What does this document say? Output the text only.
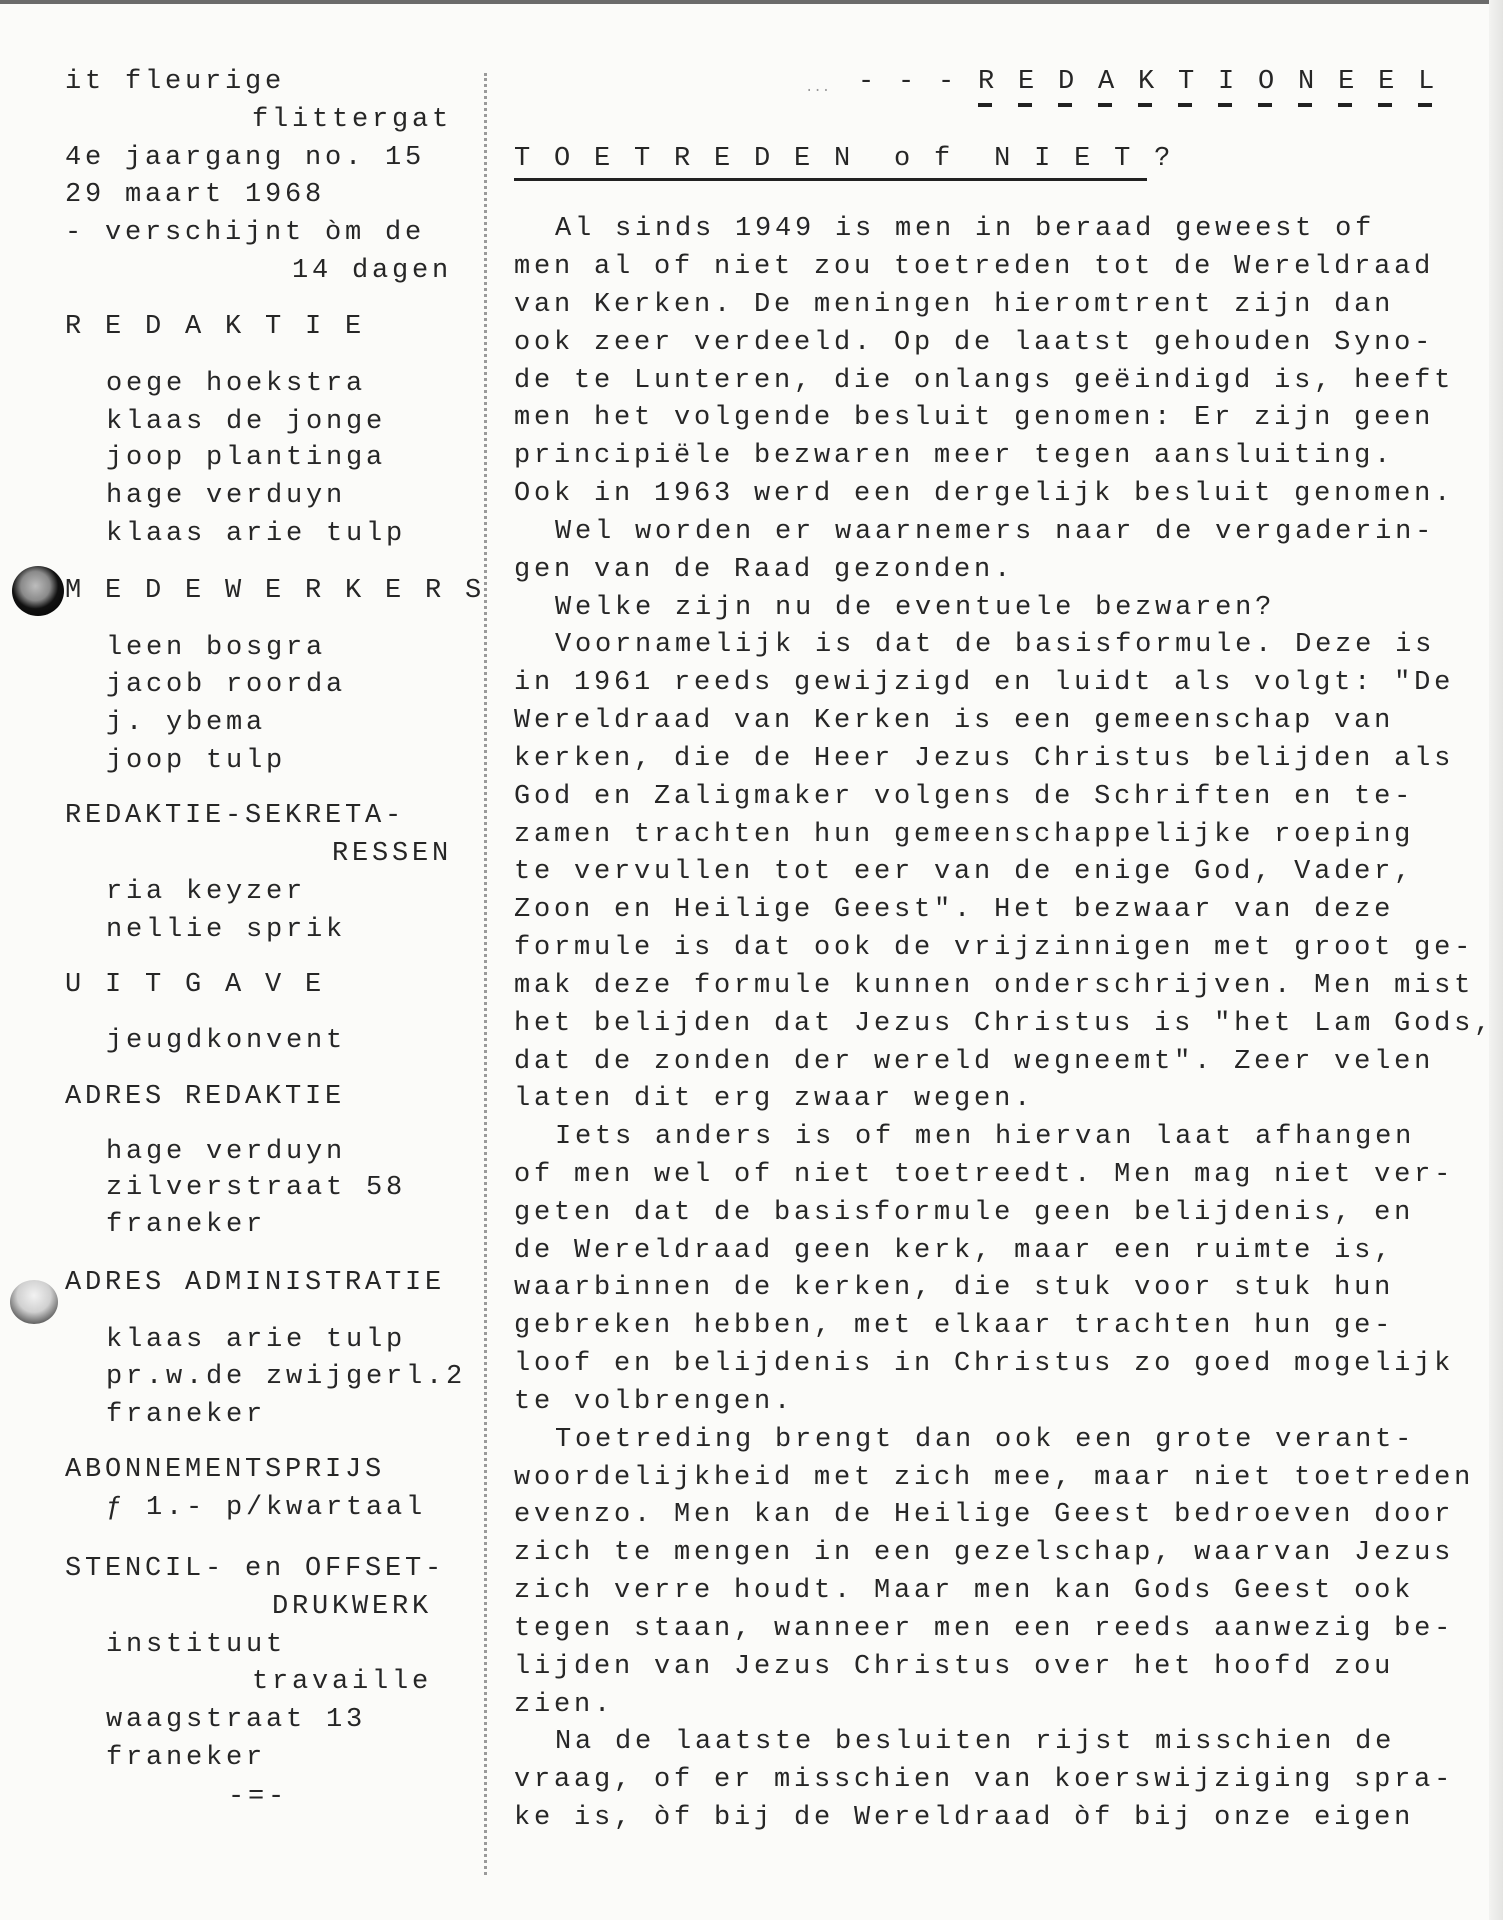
it fleurige
flittergat
4e jaargang no. 15
29 maart 1968
- verschijnt òm de
14 dagen
R E D A K T I E
oege hoekstra
klaas de jonge
joop plantinga
hage verduyn
klaas arie tulp
M E D E W E R K E R S
leen bosgra
jacob roorda
j. ybema
joop tulp
REDAKTIE-SEKRETA-
RESSEN
ria keyzer
nellie sprik
U I T G A V E
jeugdkonvent
ADRES REDAKTIE
hage verduyn
zilverstraat 58
franeker
ADRES ADMINISTRATIE
klaas arie tulp
pr.w.de zwijgerl.2
franeker
ABONNEMENTSPRIJS
ƒ 1.- p/kwartaal
STENCIL- en OFFSET-
DRUKWERK
instituut
travaille
waagstraat 13
franeker
-=-
... - - - R E D A K T I O N E E L
T O E T R E D E N  o f  N I E T ?
Al sinds 1949 is men in beraad geweest of
men al of niet zou toetreden tot de Wereldraad
van Kerken. De meningen hieromtrent zijn dan
ook zeer verdeeld. Op de laatst gehouden Syno-
de te Lunteren, die onlangs geëindigd is, heeft
men het volgende besluit genomen: Er zijn geen
principiële bezwaren meer tegen aansluiting.
Ook in 1963 werd een dergelijk besluit genomen.
Wel worden er waarnemers naar de vergaderin-
gen van de Raad gezonden.
Welke zijn nu de eventuele bezwaren?
Voornamelijk is dat de basisformule. Deze is
in 1961 reeds gewijzigd en luidt als volgt: "De
Wereldraad van Kerken is een gemeenschap van
kerken, die de Heer Jezus Christus belijden als
God en Zaligmaker volgens de Schriften en te-
zamen trachten hun gemeenschappelijke roeping
te vervullen tot eer van de enige God, Vader,
Zoon en Heilige Geest". Het bezwaar van deze
formule is dat ook de vrijzinnigen met groot ge-
mak deze formule kunnen onderschrijven. Men mist
het belijden dat Jezus Christus is "het Lam Gods,
dat de zonden der wereld wegneemt". Zeer velen
laten dit erg zwaar wegen.
Iets anders is of men hiervan laat afhangen
of men wel of niet toetreedt. Men mag niet ver-
geten dat de basisformule geen belijdenis, en
de Wereldraad geen kerk, maar een ruimte is,
waarbinnen de kerken, die stuk voor stuk hun
gebreken hebben, met elkaar trachten hun ge-
loof en belijdenis in Christus zo goed mogelijk
te volbrengen.
Toetreding brengt dan ook een grote verant-
woordelijkheid met zich mee, maar niet toetreden
evenzo. Men kan de Heilige Geest bedroeven door
zich te mengen in een gezelschap, waarvan Jezus
zich verre houdt. Maar men kan Gods Geest ook
tegen staan, wanneer men een reeds aanwezig be-
lijden van Jezus Christus over het hoofd zou
zien.
Na de laatste besluiten rijst misschien de
vraag, of er misschien van koerswijziging spra-
ke is, òf bij de Wereldraad òf bij onze eigen
